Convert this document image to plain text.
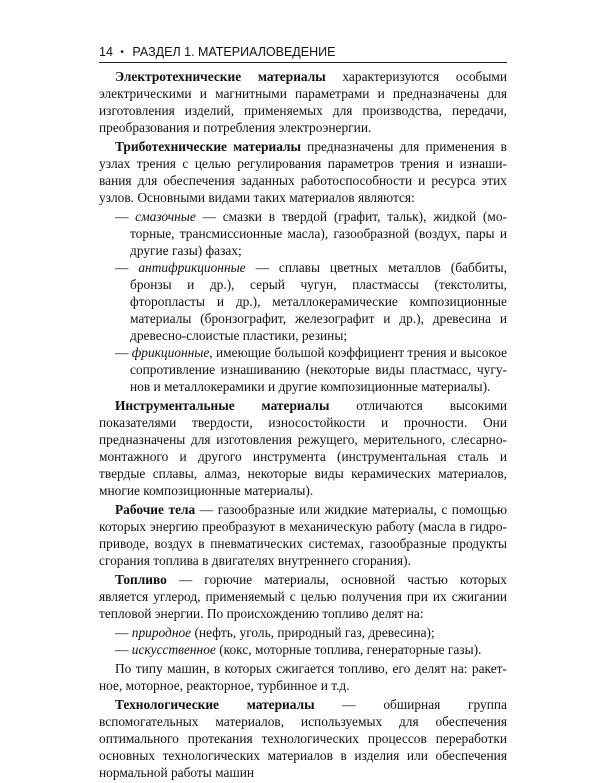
14 • РАЗДЕЛ 1. МАТЕРИАЛОВЕДЕНИЕ

Электротехнические материалы характеризуются особыми электрическими и магнитными параметрами и предназначены для изготовления изделий, применяемых для производства, передачи, преобразования и потребления электроэнергии.

Триботехнические материалы предназначены для применения в узлах трения с целью регулирования параметров трения и изнашивания для обеспечения заданных работоспособности и ресурса этих узлов. Основными видами таких материалов являются:

— смазочные — смазки в твердой (графит, тальк), жидкой (моторные, трансмиссионные масла), газообразной (воздух, пары и другие газы) фазах;
— антифрикционные — сплавы цветных металлов (баббиты, бронзы и др.), серый чугун, пластмассы (текстолиты, фторопласты и др.), металлокерамические композиционные материалы (бронзографит, железографит и др.), древесина и древесно-слоистые пластики, резины;
— фрикционные, имеющие большой коэффициент трения и высокое сопротивление изнашиванию (некоторые виды пластмасс, чугунов и металлокерамики и другие композиционные материалы).

Инструментальные материалы отличаются высокими показателями твердости, износостойкости и прочности. Они предназначены для изготовления режущего, мерительного, слесарно-монтажного и другого инструмента (инструментальная сталь и твердые сплавы, алмаз, некоторые виды керамических материалов, многие композиционные материалы).

Рабочие тела — газообразные или жидкие материалы, с помощью которых энергию преобразуют в механическую работу (масла в гидроприводе, воздух в пневматических системах, газообразные продукты сгорания топлива в двигателях внутреннего сгорания).

Топливо — горючие материалы, основной частью которых является углерод, применяемый с целью получения при их сжигании тепловой энергии. По происхождению топливо делят на:

— природное (нефть, уголь, природный газ, древесина);
— искусственное (кокс, моторные топлива, генераторные газы).

По типу машин, в которых сжигается топливо, его делят на: ракетное, моторное, реакторное, турбинное и т.д.

Технологические материалы — обширная группа вспомогательных материалов, используемых для обеспечения оптимального протекания технологических процессов переработки основных технологических материалов в изделия или обеспечения нормальной работы машин
